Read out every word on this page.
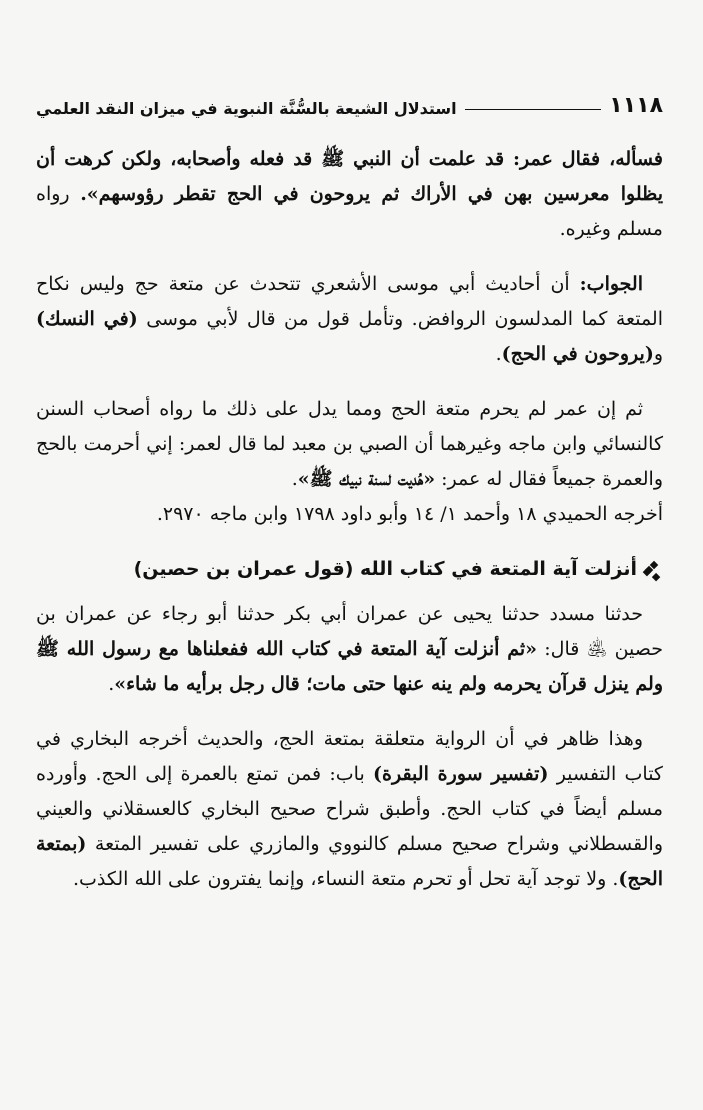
١١١٨
استدلال الشيعة بالسُّنَّة النبوية في ميزان النقد العلمي

فسأله، فقال عمر: قد علمت أن النبي ﷺ قد فعله وأصحابه، ولكن كرهت أن يظلوا معرسين بهن في الأراك ثم يروحون في الحج تقطر رؤوسهم». رواه مسلم وغيره.

الجواب: أن أحاديث أبي موسى الأشعري تتحدث عن متعة حج وليس نكاح المتعة كما المدلسون الروافض. وتأمل قول من قال لأبي موسى (في النسك) و(يروحون في الحج).

ثم إن عمر لم يحرم متعة الحج ومما يدل على ذلك ما رواه أصحاب السنن كالنسائي وابن ماجه وغيرهما أن الصبي بن معبد لما قال لعمر: إني أحرمت بالحج والعمرة جميعاً فقال له عمر: «هُديت لسنة نبيك ﷺ».

أخرجه الحميدي ١٨ وأحمد ١/ ١٤ وأبو داود ١٧٩٨ وابن ماجه ٢٩٧٠.

أنزلت آية المتعة في كتاب الله (قول عمران بن حصين)

حدثنا مسدد حدثنا يحيى عن عمران أبي بكر حدثنا أبو رجاء عن عمران بن حصين ﵁ قال: «ثم أنزلت آية المتعة في كتاب الله ففعلناها مع رسول الله ﷺ ولم ينزل قرآن يحرمه ولم ينه عنها حتى مات؛ قال رجل برأيه ما شاء».

وهذا ظاهر في أن الرواية متعلقة بمتعة الحج، والحديث أخرجه البخاري في كتاب التفسير (تفسير سورة البقرة) باب: فمن تمتع بالعمرة إلى الحج. وأورده مسلم أيضاً في كتاب الحج. وأطبق شراح صحيح البخاري كالعسقلاني والعيني والقسطلاني وشراح صحيح مسلم كالنووي والمازري على تفسير المتعة (بمتعة الحج). ولا توجد آية تحل أو تحرم متعة النساء، وإنما يفترون على الله الكذب.
